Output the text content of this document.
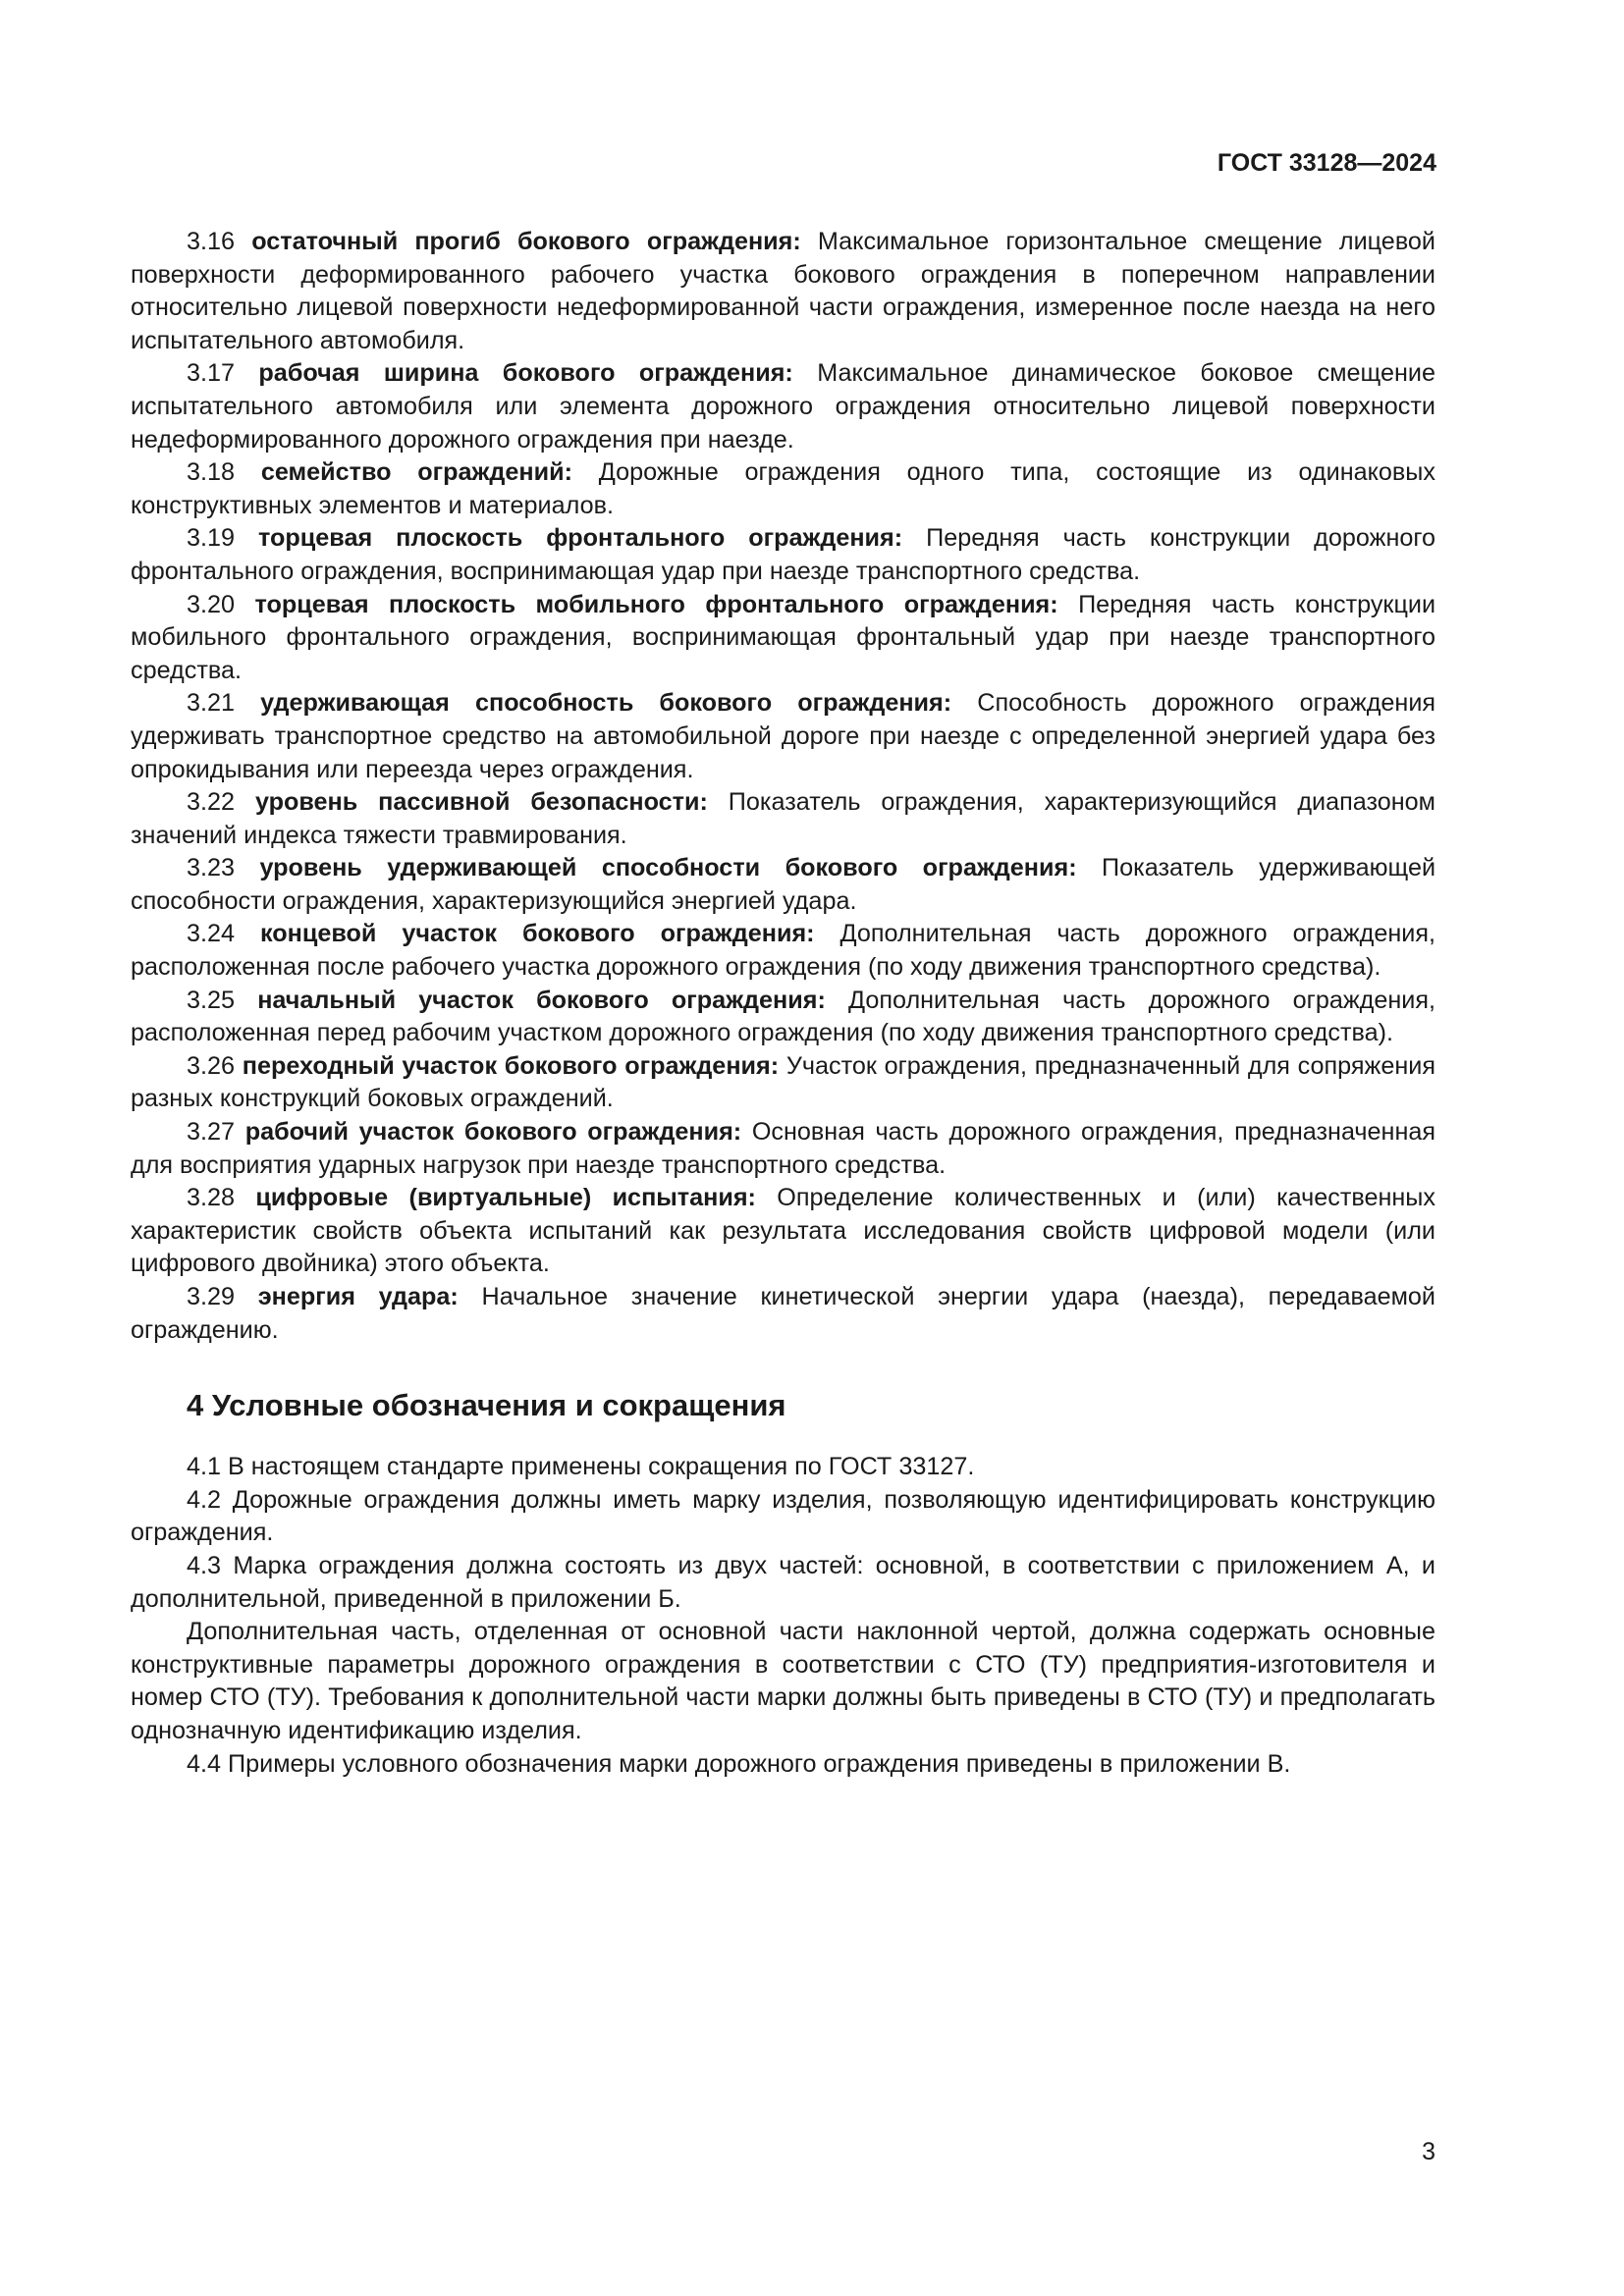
ГОСТ 33128—2024

3.16 остаточный прогиб бокового ограждения: Максимальное горизонтальное смещение лицевой поверхности деформированного рабочего участка бокового ограждения в поперечном направлении относительно лицевой поверхности недеформированной части ограждения, измеренное после наезда на него испытательного автомобиля.

3.17 рабочая ширина бокового ограждения: Максимальное динамическое боковое смещение испытательного автомобиля или элемента дорожного ограждения относительно лицевой поверхности недеформированного дорожного ограждения при наезде.

3.18 семейство ограждений: Дорожные ограждения одного типа, состоящие из одинаковых конструктивных элементов и материалов.

3.19 торцевая плоскость фронтального ограждения: Передняя часть конструкции дорожного фронтального ограждения, воспринимающая удар при наезде транспортного средства.

3.20 торцевая плоскость мобильного фронтального ограждения: Передняя часть конструкции мобильного фронтального ограждения, воспринимающая фронтальный удар при наезде транспортного средства.

3.21 удерживающая способность бокового ограждения: Способность дорожного ограждения удерживать транспортное средство на автомобильной дороге при наезде с определенной энергией удара без опрокидывания или переезда через ограждения.

3.22 уровень пассивной безопасности: Показатель ограждения, характеризующийся диапазоном значений индекса тяжести травмирования.

3.23 уровень удерживающей способности бокового ограждения: Показатель удерживающей способности ограждения, характеризующийся энергией удара.

3.24 концевой участок бокового ограждения: Дополнительная часть дорожного ограждения, расположенная после рабочего участка дорожного ограждения (по ходу движения транспортного средства).

3.25 начальный участок бокового ограждения: Дополнительная часть дорожного ограждения, расположенная перед рабочим участком дорожного ограждения (по ходу движения транспортного средства).

3.26 переходный участок бокового ограждения: Участок ограждения, предназначенный для сопряжения разных конструкций боковых ограждений.

3.27 рабочий участок бокового ограждения: Основная часть дорожного ограждения, предназначенная для восприятия ударных нагрузок при наезде транспортного средства.

3.28 цифровые (виртуальные) испытания: Определение количественных и (или) качественных характеристик свойств объекта испытаний как результата исследования свойств цифровой модели (или цифрового двойника) этого объекта.

3.29 энергия удара: Начальное значение кинетической энергии удара (наезда), передаваемой ограждению.

4 Условные обозначения и сокращения

4.1 В настоящем стандарте применены сокращения по ГОСТ 33127.

4.2 Дорожные ограждения должны иметь марку изделия, позволяющую идентифицировать конструкцию ограждения.

4.3 Марка ограждения должна состоять из двух частей: основной, в соответствии с приложением А, и дополнительной, приведенной в приложении Б.

Дополнительная часть, отделенная от основной части наклонной чертой, должна содержать основные конструктивные параметры дорожного ограждения в соответствии с СТО (ТУ) предприятия-изготовителя и номер СТО (ТУ). Требования к дополнительной части марки должны быть приведены в СТО (ТУ) и предполагать однозначную идентификацию изделия.

4.4 Примеры условного обозначения марки дорожного ограждения приведены в приложении В.

3
